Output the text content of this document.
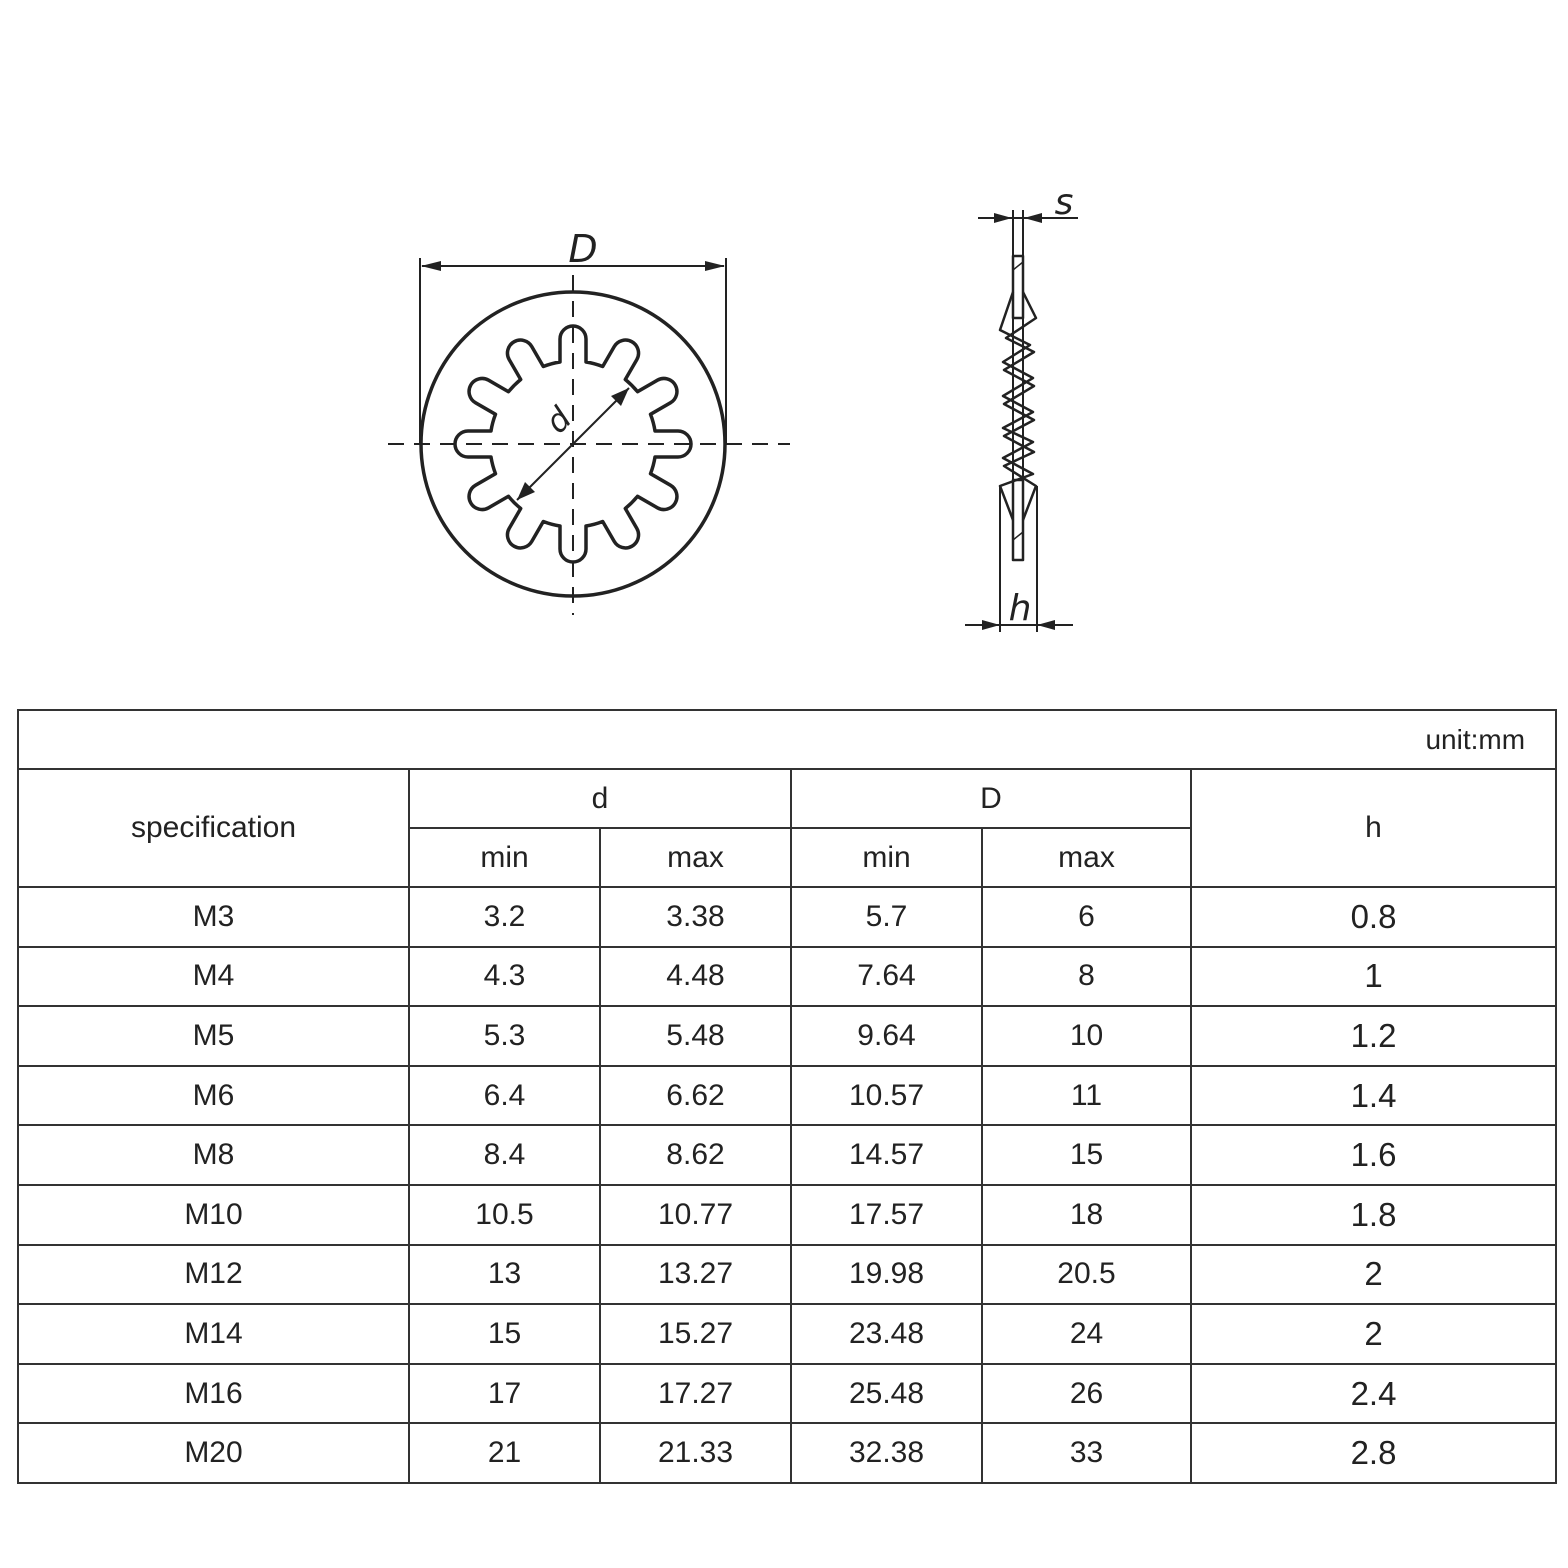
D
d
s
h
unit:mm					
specification	d		D		h
	min	max	min	max	
M3	3.2	3.38	5.7	6	0.8
M4	4.3	4.48	7.64	8	1
M5	5.3	5.48	9.64	10	1.2
M6	6.4	6.62	10.57	11	1.4
M8	8.4	8.62	14.57	15	1.6
M10	10.5	10.77	17.57	18	1.8
M12	13	13.27	19.98	20.5	2
M14	15	15.27	23.48	24	2
M16	17	17.27	25.48	26	2.4
M20	21	21.33	32.38	33	2.8
